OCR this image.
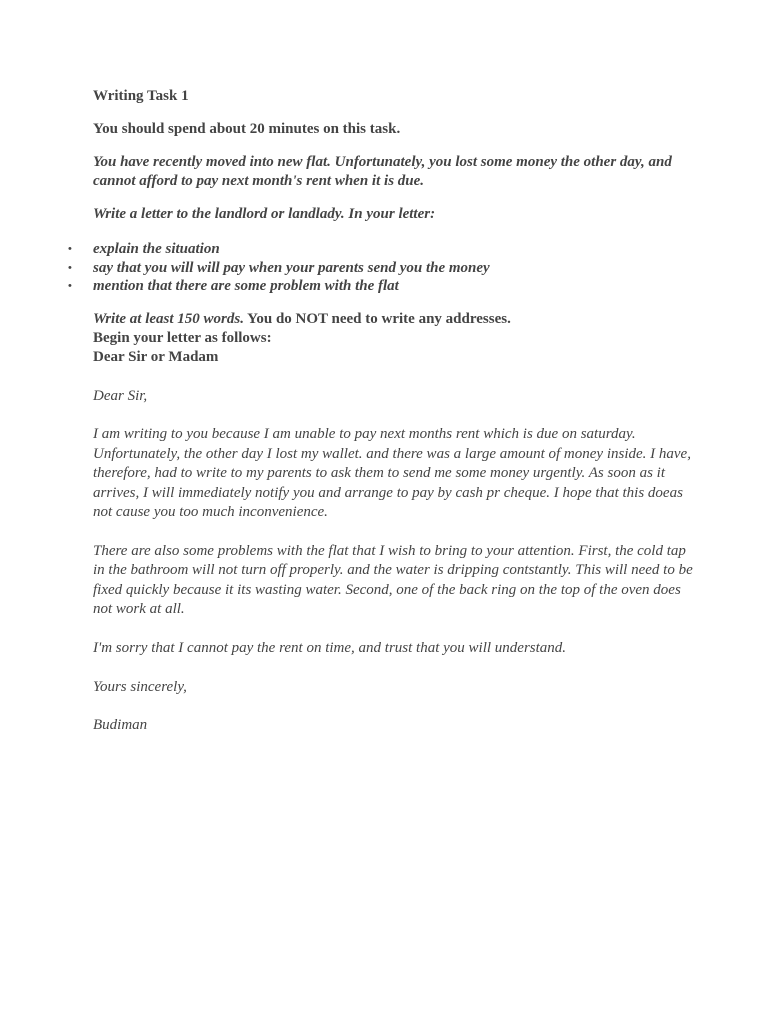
Writing Task 1

You should spend about 20 minutes on this task.

You have recently moved into new flat. Unfortunately, you lost some money the other day, and cannot afford to pay next month's rent when it is due.

Write a letter to the landlord or landlady. In your letter:

• explain the situation
• say that you will will pay when your parents send you the money
• mention that there are some problem with the flat

Write at least 150 words. You do NOT need to write any addresses.

Begin your letter as follows:

Dear Sir or Madam

Dear Sir,

I am writing to you because I am unable to pay next months rent which is due on saturday. Unfortunately, the other day I lost my wallet. and there was a large amount of money inside. I have, therefore, had to write to my parents to ask them to send me some money urgently. As soon as it arrives, I will immediately notify you and arrange to pay by cash pr cheque. I hope that this doeas not cause you too much inconvenience.

There are also some problems with the flat that I wish to bring to your attention. First, the cold tap in the bathroom will not turn off properly. and the water is dripping contstantly. This will need to be fixed quickly because it its wasting water. Second, one of the back ring on the top of the oven does not work at all.

I'm sorry that I cannot pay the rent on time, and trust that you will understand.

Yours sincerely,

Budiman
